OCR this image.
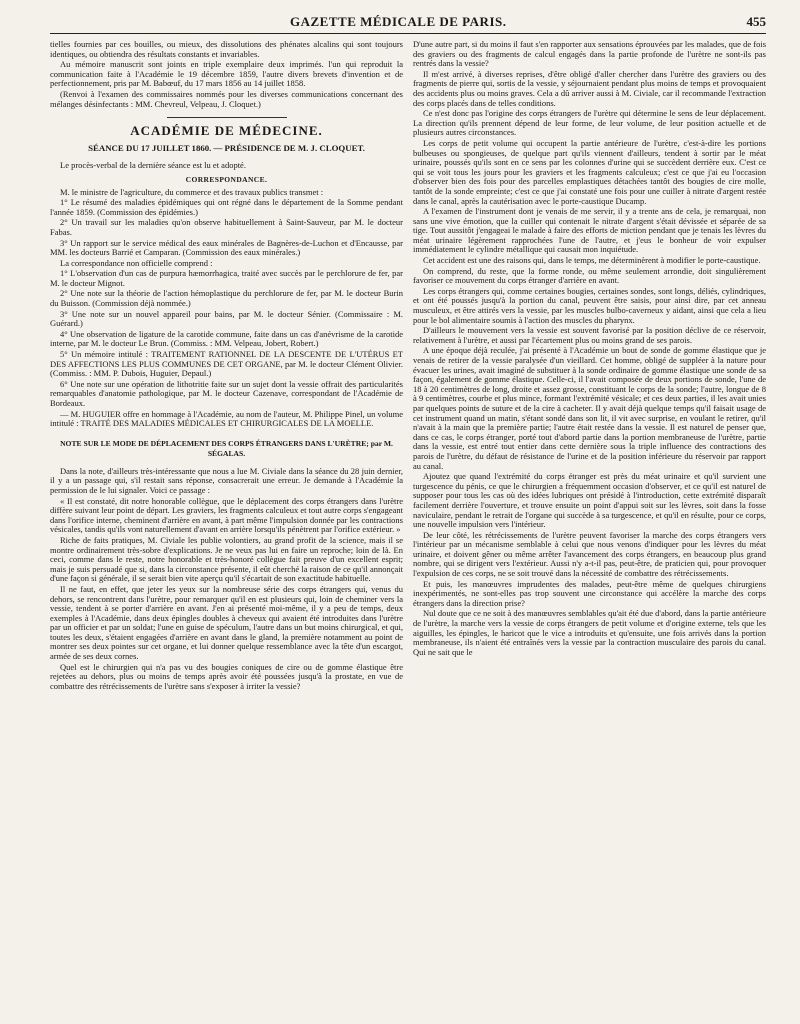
GAZETTE MÉDICALE DE PARIS.	455

tielles fournies par ces bouilles, ou mieux, des dissolutions des phénates alcalins qui sont toujours identiques, ou obtiendra des résultats constants et invariables.

Au mémoire manuscrit sont joints en triple exemplaire deux imprimés. l'un qui reproduit la communication faite à l'Académie le 19 décembre 1859, l'autre divers brevets d'invention et de perfectionnement, pris par M. Babœuf, du 17 mars 1856 au 14 juillet 1858.

(Renvoi à l'examen des commissaires nommés pour les diverses communications concernant des mélanges désinfectants : MM. Chevreul, Velpeau, J. Cloquet.)

ACADÉMIE DE MÉDECINE.
SÉANCE DU 17 JUILLET 1860. — PRÉSIDENCE DE M. J. CLOQUET.

Le procès-verbal de la dernière séance est lu et adopté.

CORRESPONDANCE.

M. le ministre de l'agriculture, du commerce et des travaux publics transmet :

1° Le résumé des maladies épidémiques qui ont régné dans le département de la Somme pendant l'année 1859. (Commission des épidémies.)

2° Un travail sur les maladies qu'on observe habituellement à Saint-Sauveur, par M. le docteur Fabas.

3° Un rapport sur le service médical des eaux minérales de Bagnères-de-Luchon et d'Encausse, par MM. les docteurs Barrié et Camparan. (Commission des eaux minérales.)

La correspondance non officielle comprend :

1° L'observation d'un cas de purpura hæmorrhagica, traité avec succès par le perchlorure de fer, par M. le docteur Mignot.

2° Une note sur la théorie de l'action hémoplastique du perchlorure de fer, par M. le docteur Burin du Buisson. (Commission déjà nommée.)

3° Une note sur un nouvel appareil pour bains, par M. le docteur Sénier. (Commissaire : M. Guérard.)

4° Une observation de ligature de la carotide commune, faite dans un cas d'anévrisme de la carotide interne, par M. le docteur Le Brun. (Commiss. : MM. Velpeau, Jobert, Robert.)

5° Un mémoire intitulé : TRAITEMENT RATIONNEL DE LA DESCENTE DE L'UTÉRUS ET DES AFFECTIONS LES PLUS COMMUNES DE CET ORGANE, par M. le docteur Clément Olivier. (Commiss. : MM. P. Dubois, Huguier, Depaul.)

6° Une note sur une opération de lithotritie faite sur un sujet dont la vessie offrait des particularités remarquables d'anatomie pathologique, par M. le docteur Cazenave, correspondant de l'Académie de Bordeaux.

— M. HUGUIER offre en hommage à l'Académie, au nom de l'auteur, M. Philippe Pinel, un volume intitulé : TRAITÉ DES MALADIES MÉDICALES ET CHIRURGICALES DE LA MOELLE.

NOTE SUR LE MODE DE DÉPLACEMENT DES CORPS ÉTRANGERS DANS L'URÈTRE; par M. SÉGALAS.

Dans la note, d'ailleurs très-intéressante que nous a lue M. Civiale dans la séance du 28 juin dernier, il y a un passage qui, s'il restait sans réponse, consacrerait une erreur. Je demande à l'Académie la permission de le lui signaler. Voici ce passage :

« Il est constaté, dit notre honorable collègue, que le déplacement des corps étrangers dans l'urètre diffère suivant leur point de départ. Les graviers, les fragments calculeux et tout autre corps s'engageant dans l'orifice interne, cheminent d'arrière en avant, à part même l'impulsion donnée par les contractions vésicales, tandis qu'ils vont naturellement d'avant en arrière lorsqu'ils pénètrent par l'orifice extérieur. »

Riche de faits pratiques, M. Civiale les publie volontiers, au grand profit de la science, mais il se montre ordinairement très-sobre d'explications. Je ne veux pas lui en faire un reproche; loin de là. En ceci, comme dans le reste, notre honorable et très-honoré collègue fait preuve d'un excellent esprit; mais je suis persuadé que si, dans la circonstance présente, il eût cherché la raison de ce qu'il annonçait d'une façon si générale, il se serait bien vite aperçu qu'il s'écartait de son exactitude habituelle.

Il ne faut, en effet, que jeter les yeux sur la nombreuse série des corps étrangers qui, venus du dehors, se rencontrent dans l'urètre, pour remarquer qu'il en est plusieurs qui, loin de cheminer vers la vessie, tendent à se porter d'arrière en avant. J'en ai présenté moi-même, il y a peu de temps, deux exemples à l'Académie, dans deux épingles doubles à cheveux qui avaient été introduites dans l'urètre par un officier et par un soldat; l'une en guise de spéculum, l'autre dans un but moins chirurgical, et qui, toutes les deux, s'étaient engagées d'arrière en avant dans le gland, la première notamment au point de montrer ses deux pointes sur cet organe, et lui donner quelque ressemblance avec la tête d'un escargot, armée de ses deux cornes.

Quel est le chirurgien qui n'a pas vu des bougies coniques de cire ou de gomme élastique être rejetées au dehors, plus ou moins de temps après avoir été poussées jusqu'à la prostate, en vue de combattre des rétrécissements de l'urètre sans s'exposer à irriter la vessie?

D'une autre part, si du moins il faut s'en rapporter aux sensations éprouvées par les malades, que de fois des graviers ou des fragments de calcul engagés dans la partie profonde de l'urètre ne sont-ils pas rentrés dans la vessie?

Il m'est arrivé, à diverses reprises, d'être obligé d'aller chercher dans l'urètre des graviers ou des fragments de pierre qui, sortis de la vessie, y séjournaient pendant plus moins de temps et provoquaient des accidents plus ou moins graves. Cela a dû arriver aussi à M. Civiale, car il recommande l'extraction des corps placés dans de telles conditions.

Ce n'est donc pas l'origine des corps étrangers de l'urètre qui détermine le sens de leur déplacement. La direction qu'ils prennent dépend de leur forme, de leur volume, de leur position actuelle et de plusieurs autres circonstances.

Les corps de petit volume qui occupent la partie antérieure de l'urètre, c'est-à-dire les portions bulbeuses ou spongieuses, de quelque part qu'ils viennent d'ailleurs, tendent à sortir par le méat urinaire, poussés qu'ils sont en ce sens par les colonnes d'urine qui se succèdent derrière eux. C'est ce qui se voit tous les jours pour les graviers et les fragments calculeux; c'est ce que j'ai eu l'occasion d'observer bien des fois pour des parcelles emplastiques détachées tantôt des bougies de cire molle, tantôt de la sonde empreinte; c'est ce que j'ai constaté une fois pour une cuiller à nitrate d'argent restée dans le canal, après la cautérisation avec le porte-caustique Ducamp.

A l'examen de l'instrument dont je venais de me servir, il y a trente ans de cela, je remarquai, non sans une vive émotion, que la cuiller qui contenait le nitrate d'argent s'était dévissée et séparée de sa tige. Tout aussitôt j'engageai le malade à faire des efforts de miction pendant que je tenais les lèvres du méat urinaire légèrement rapprochées l'une de l'autre, et j'eus le bonheur de voir expulser immédiatement le cylindre métallique qui causait mon inquiétude.

Cet accident est une des raisons qui, dans le temps, me déterminèrent à modifier le porte-caustique.

On comprend, du reste, que la forme ronde, ou même seulement arrondie, doit singulièrement favoriser ce mouvement du corps étranger d'arrière en avant.

Les corps étrangers qui, comme certaines bougies, certaines sondes, sont longs, déliés, cylindriques, et ont été poussés jusqu'à la portion du canal, peuvent être saisis, pour ainsi dire, par cet anneau musculeux, et être attirés vers la vessie, par les muscles bulbo-caverneux y aidant, ainsi que cela a lieu pour le bol alimentaire soumis à l'action des muscles du pharynx.

D'ailleurs le mouvement vers la vessie est souvent favorisé par la position déclive de ce réservoir, relativement à l'urètre, et aussi par l'écartement plus ou moins grand de ses parois.

A une époque déjà reculée, j'ai présenté à l'Académie un bout de sonde de gomme élastique que je venais de retirer de la vessie paralysée d'un vieillard. Cet homme, obligé de suppléer à la nature pour évacuer les urines, avait imaginé de substituer à la sonde ordinaire de gomme élastique une sonde de sa façon, également de gomme élastique. Celle-ci, il l'avait composée de deux portions de sonde, l'une de 18 à 20 centimètres de long, droite et assez grosse, constituant le corps de la sonde; l'autre, longue de 8 à 9 centimètres, courbe et plus mince, formant l'extrémité vésicale; et ces deux parties, il les avait unies par quelques points de suture et de la cire à cacheter. Il y avait déjà quelque temps qu'il faisait usage de cet instrument quand un matin, s'étant sondé dans son lit, il vit avec surprise, en voulant le retirer, qu'il n'avait à la main que la première partie; l'autre était restée dans la vessie. Il est naturel de penser que, dans ce cas, le corps étranger, porté tout d'abord partie dans la portion membraneuse de l'urètre, partie dans la vessie, est entré tout entier dans cette dernière sous la triple influence des contractions des parois de l'urètre, du défaut de résistance de l'urine et de la position inférieure du réservoir par rapport au canal.

Ajoutez que quand l'extrémité du corps étranger est près du méat urinaire et qu'il survient une turgescence du pénis, ce que le chirurgien a fréquemment occasion d'observer, et ce qu'il est naturel de supposer pour tous les cas où des idées lubriques ont présidé à l'introduction, cette extrémité disparaît facilement derrière l'ouverture, et trouve ensuite un point d'appui soit sur les lèvres, soit dans la fosse naviculaire, pendant le retrait de l'organe qui succède à sa turgescence, et qu'il en résulte, pour ce corps, une nouvelle impulsion vers l'intérieur.

De leur côté, les rétrécissements de l'urètre peuvent favoriser la marche des corps étrangers vers l'intérieur par un mécanisme semblable à celui que nous venons d'indiquer pour les lèvres du méat urinaire, et doivent gêner ou même arrêter l'avancement des corps étrangers, en beaucoup plus grand nombre, qui se dirigent vers l'extérieur. Aussi n'y a-t-il pas, peut-être, de praticien qui, pour provoquer l'expulsion de ces corps, ne se soit trouvé dans la nécessité de combattre des rétrécissements.

Et puis, les manœuvres imprudentes des malades, peut-être même de quelques chirurgiens inexpérimentés, ne sont-elles pas trop souvent une circonstance qui accélère la marche des corps étrangers dans la direction prise?

Nul doute que ce ne soit à des manœuvres semblables qu'ait été due d'abord, dans la partie antérieure de l'urètre, la marche vers la vessie de corps étrangers de petit volume et d'origine externe, tels que les aiguilles, les épingles, le haricot que le vice a introduits et qu'ensuite, une fois arrivés dans la portion membraneuse, ils n'aient été entraînés vers la vessie par la contraction musculaire des parois du canal. Qui ne sait que le
